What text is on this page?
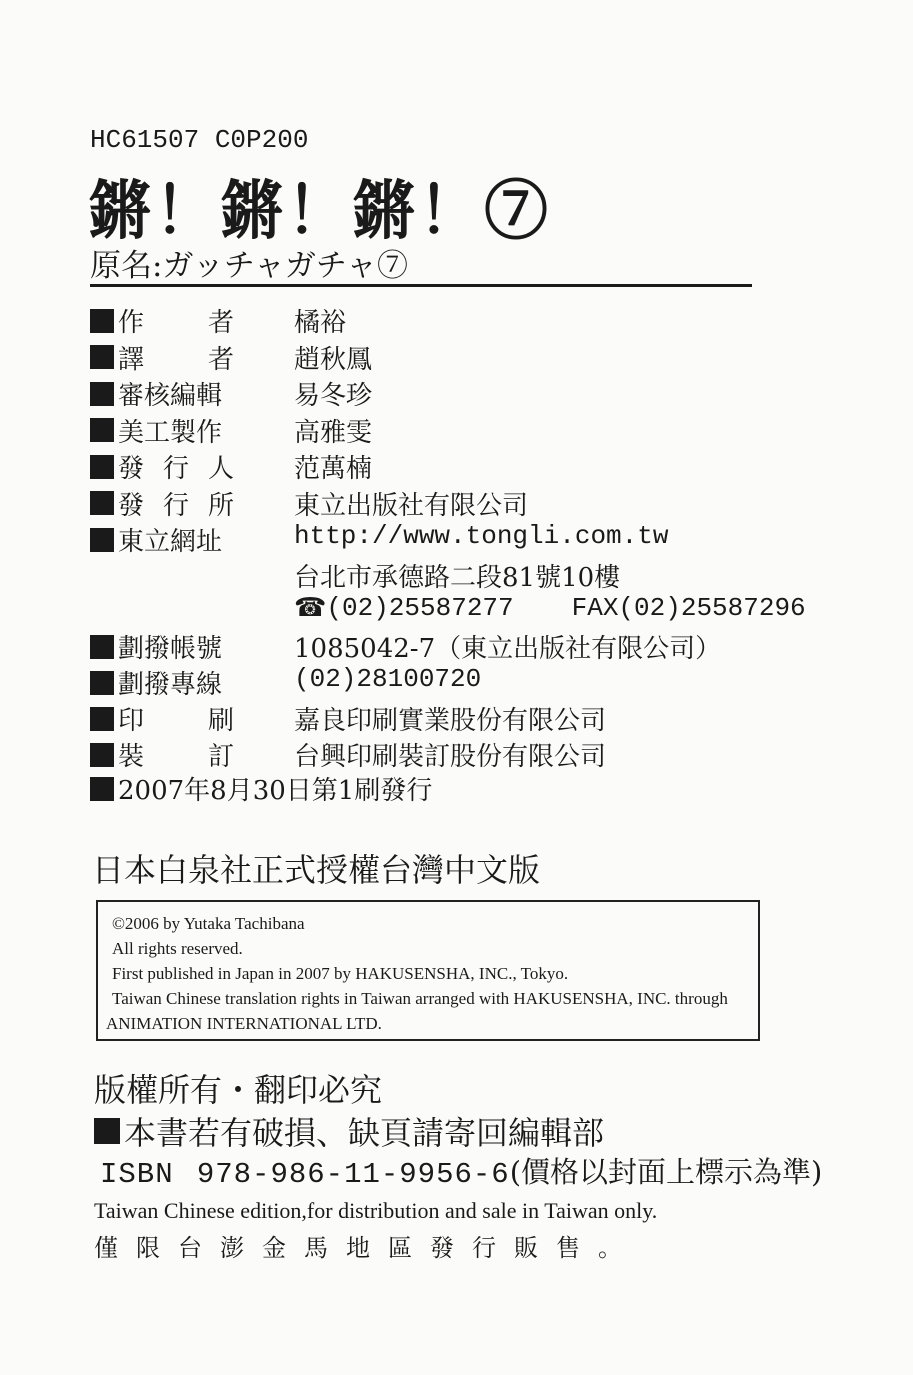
HC61507 C0P200
鏘！鏘！鏘！⑦
原名:ガッチャガチャ⑦
作 者 橘裕
譯 者 趙秋鳳
審核編輯	易冬珍
美工製作	高雅雯
發 行 人 范萬楠
發 行 所 東立出版社有限公司
東立網址	http://www.tongli.com.tw
台北市承德路二段81號10樓
☎ (02)25587277 FAX(02)25587296
劃撥帳號	1085042-7（東立出版社有限公司）
劃撥專線	(02)28100720
印 刷 嘉良印刷實業股份有限公司
裝 訂 台興印刷裝訂股份有限公司
2007年8月30日第1刷發行
日本白泉社正式授權台灣中文版
©2006 by Yutaka Tachibana
All rights reserved.
First published in Japan in 2007 by HAKUSENSHA, INC., Tokyo.
Taiwan Chinese translation rights in Taiwan arranged with HAKUSENSHA, INC. through
ANIMATION INTERNATIONAL LTD.
版權所有・翻印必究
本書若有破損、缺頁請寄回編輯部
ISBN 978-986-11-9956-6(價格以封面上標示為準)
Taiwan Chinese edition,for distribution and sale in Taiwan only.
僅限台澎金馬地區發行販售。
